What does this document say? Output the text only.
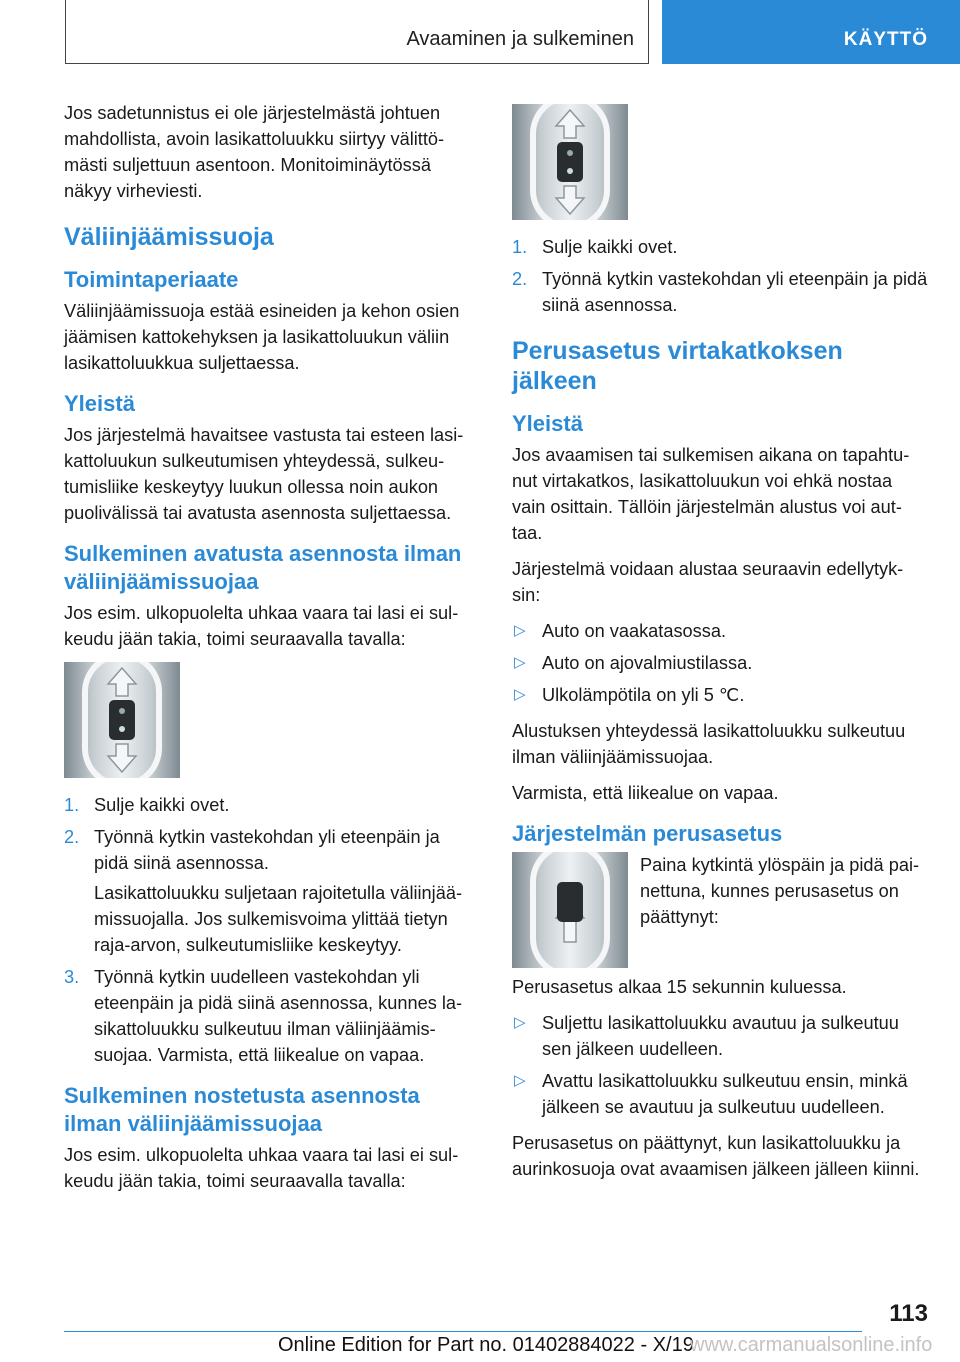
Avaaminen ja sulkeminen	KÄYTTÖ

Jos sadetunnistus ei ole järjestelmästä johtuen mahdollista, avoin lasikattoluukku siirtyy välittö- mästi suljettuun asentoon. Monitoiminäytössä näkyy virheviesti.

Väliinjäämissuoja
Toimintaperiaate

Väliinjäämissuoja estää esineiden ja kehon osien jäämisen kattokehyksen ja lasikattoluukun väliin lasikattoluukkua suljettaessa.

Yleistä

Jos järjestelmä havaitsee vastusta tai esteen lasi- kattoluukun sulkeutumisen yhteydessä, sulkeu- tumisliike keskeytyy luukun ollessa noin aukon puolivälissä tai avatusta asennosta suljettaessa.

Sulkeminen avatusta asennosta ilman väliinjäämissuojaa

Jos esim. ulkopuolelta uhkaa vaara tai lasi ei sul- keudu jään takia, toimi seuraavalla tavalla:

1. Sulje kaikki ovet.
2. Työnnä kytkin vastekohdan yli eteenpäin ja pidä siinä asennossa.

Lasikattoluukku suljetaan rajoitetulla väliinjää- missuojalla. Jos sulkemisvoima ylittää tietyn raja-arvon, sulkeutumisliike keskeytyy.

3. Työnnä kytkin uudelleen vastekohdan yli eteenpäin ja pidä siinä asennossa, kunnes la- sikattoluukku sulkeutuu ilman väliinjäämis- suojaa. Varmista, että liikealue on vapaa.
Sulkeminen nostetusta asennosta ilman väliinjäämissuojaa

Jos esim. ulkopuolelta uhkaa vaara tai lasi ei sul- keudu jään takia, toimi seuraavalla tavalla:

1. Sulje kaikki ovet.
2. Työnnä kytkin vastekohdan yli eteenpäin ja pidä siinä asennossa.
Perusasetus virtakatkoksen jälkeen
Yleistä

Jos avaamisen tai sulkemisen aikana on tapahtu- nut virtakatkos, lasikattoluukun voi ehkä nostaa vain osittain. Tällöin järjestelmän alustus voi aut- taa.

Järjestelmä voidaan alustaa seuraavin edellytyk- sin:

▷ Auto on vaakatasossa.
▷ Auto on ajovalmiustilassa.
▷ Ulkolämpötila on yli 5 ℃.

Alustuksen yhteydessä lasikattoluukku sulkeutuu ilman väliinjäämissuojaa.

Varmista, että liikealue on vapaa.

Järjestelmän perusasetus

Paina kytkintä ylöspäin ja pidä pai- nettuna, kunnes perusasetus on päättynyt:

Perusasetus alkaa 15 sekunnin kuluessa.

▷ Suljettu lasikattoluukku avautuu ja sulkeutuu sen jälkeen uudelleen.
▷ Avattu lasikattoluukku sulkeutuu ensin, minkä jälkeen se avautuu ja sulkeutuu uudelleen.

Perusasetus on päättynyt, kun lasikattoluukku ja aurinkosuoja ovat avaamisen jälkeen jälleen kiinni.

113
Online Edition for Part no. 01402884022 - X/19
www.carmanualsonline.info
